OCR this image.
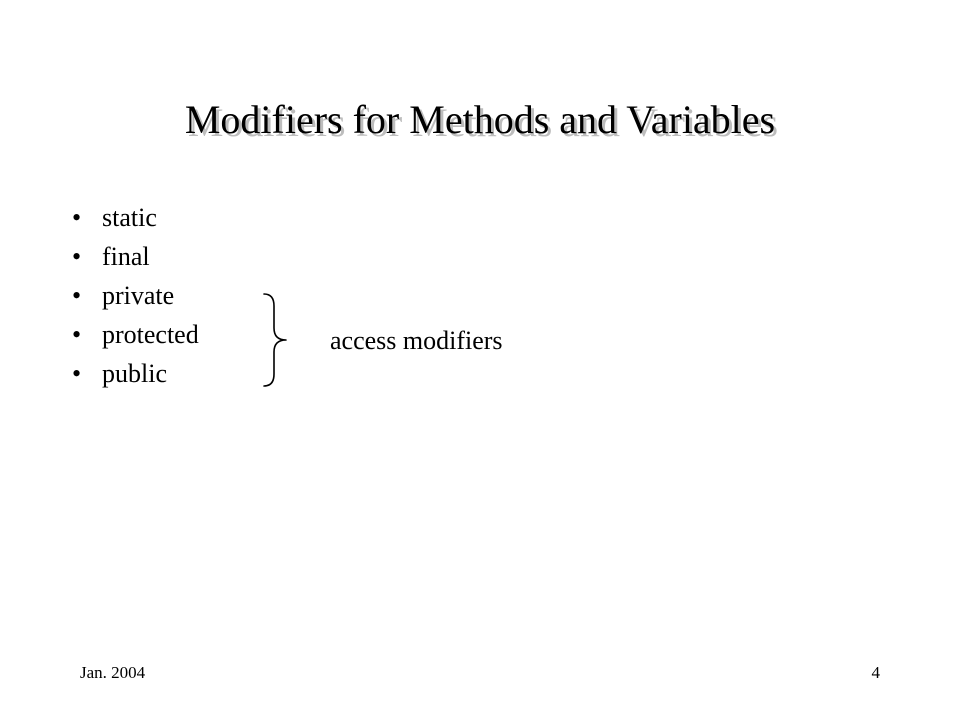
Modifiers for Methods and Variables
• static
• final
• private
• protected
• public
access modifiers
Jan. 2004	4
